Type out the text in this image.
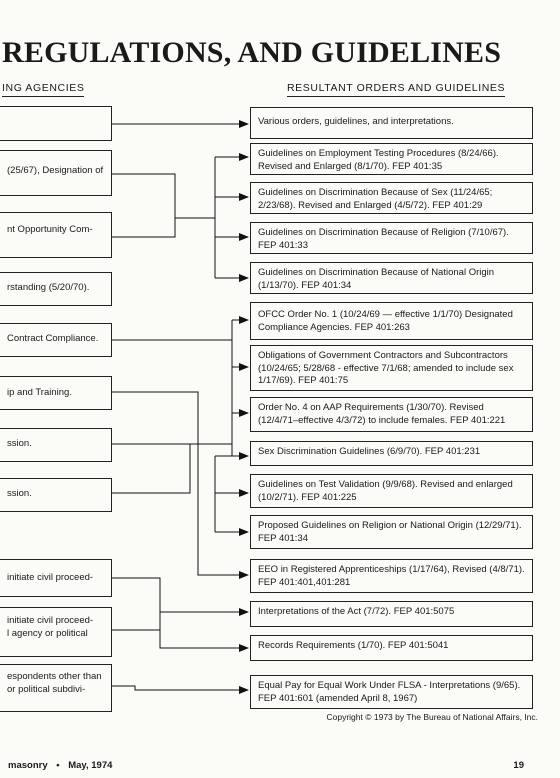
REGULATIONS, AND GUIDELINES
ING AGENCIES	RESULTANT ORDERS AND GUIDELINES
(25/67), Designation of
nt Opportunity Com-
rstanding (5/20/70).
Contract Compliance.
ip and Training.
ssion.
ssion.
initiate civil proceed-
initiate civil proceed-
l agency or political
espondents other than
or political subdivi-
Various orders, guidelines, and interpretations.
Guidelines on Employment Testing Procedures (8/24/66). Revised and Enlarged (8/1/70). FEP 401:35
Guidelines on Discrimination Because of Sex (11/24/65; 2/23/68). Revised and Enlarged (4/5/72). FEP 401:29
Guidelines on Discrimination Because of Religion (7/10/67). FEP 401:33
Guidelines on Discrimination Because of National Origin (1/13/70). FEP 401:34
OFCC Order No. 1 (10/24/69 — effective 1/1/70) Designated Compliance Agencies. FEP 401:263
Obligations of Government Contractors and Subcontractors (10/24/65; 5/28/68 - effective 7/1/68; amended to include sex 1/17/69). FEP 401:75
Order No. 4 on AAP Requirements (1/30/70). Revised (12/4/71–effective 4/3/72) to include females. FEP 401:221
Sex Discrimination Guidelines (6/9/70). FEP 401:231
Guidelines on Test Validation (9/9/68). Revised and enlarged (10/2/71). FEP 401:225
Proposed Guidelines on Religion or National Origin (12/29/71). FEP 401:34
EEO in Registered Apprenticeships (1/17/64), Revised (4/8/71). FEP 401:401,401:281
Interpretations of the Act (7/72). FEP 401:5075
Records Requirements (1/70). FEP 401:5041
Equal Pay for Equal Work Under FLSA - Interpretations (9/65). FEP 401:601 (amended April 8, 1967)
Copyright © 1973 by The Bureau of National Affairs, Inc.
masonry • May, 1974	19
